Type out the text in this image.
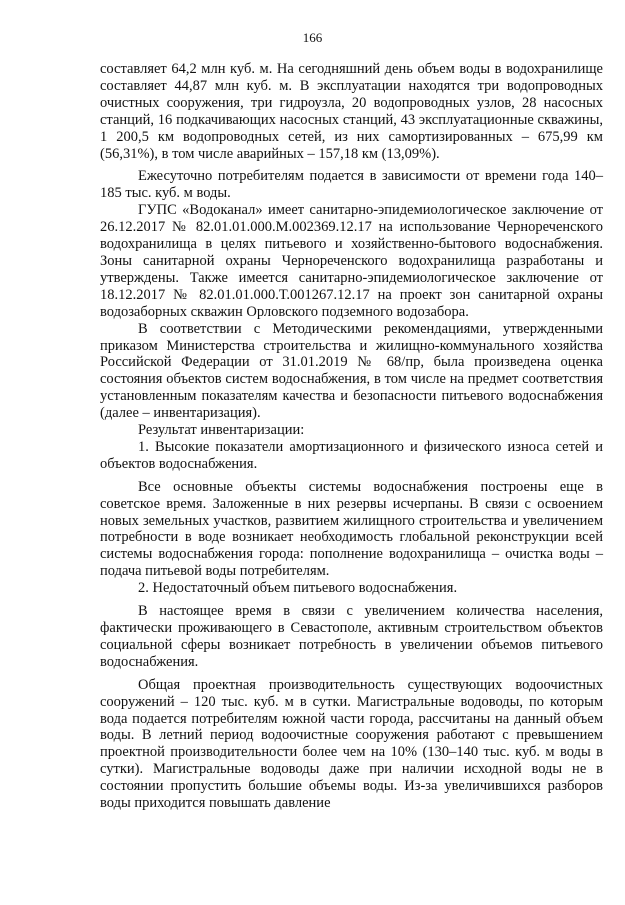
166

составляет 64,2 млн куб. м. На сегодняшний день объем воды в водохранилище составляет 44,87 млн куб. м. В эксплуатации находятся три водопроводных очистных сооружения, три гидроузла, 20 водопроводных узлов, 28 насосных станций, 16 подкачивающих насосных станций, 43 эксплуатационные скважины, 1 200,5 км водопроводных сетей, из них самортизированных – 675,99 км (56,31%), в том числе аварийных – 157,18 км (13,09%).

Ежесуточно потребителям подается в зависимости от времени года 140–185 тыс. куб. м воды.

ГУПС «Водоканал» имеет санитарно-эпидемиологическое заключение от 26.12.2017 № 82.01.01.000.М.002369.12.17 на использование Чернореченского водохранилища в целях питьевого и хозяйственно-бытового водоснабжения. Зоны санитарной охраны Чернореченского водохранилища разработаны и утверждены. Также имеется санитарно-эпидемиологическое заключение от 18.12.2017 № 82.01.01.000.Т.001267.12.17 на проект зон санитарной охраны водозаборных скважин Орловского подземного водозабора.

В соответствии с Методическими рекомендациями, утвержденными приказом Министерства строительства и жилищно-коммунального хозяйства Российской Федерации от 31.01.2019 № 68/пр, была произведена оценка состояния объектов систем водоснабжения, в том числе на предмет соответствия установленным показателям качества и безопасности питьевого водоснабжения (далее – инвентаризация).

Результат инвентаризации:

1. Высокие показатели амортизационного и физического износа сетей и объектов водоснабжения.

Все основные объекты системы водоснабжения построены еще в советское время. Заложенные в них резервы исчерпаны. В связи с освоением новых земельных участков, развитием жилищного строительства и увеличением потребности в воде возникает необходимость глобальной реконструкции всей системы водоснабжения города: пополнение водохранилища – очистка воды – подача питьевой воды потребителям.

2. Недостаточный объем питьевого водоснабжения.

В настоящее время в связи с увеличением количества населения, фактически проживающего в Севастополе, активным строительством объектов социальной сферы возникает потребность в увеличении объемов питьевого водоснабжения.

Общая проектная производительность существующих водоочистных сооружений – 120 тыс. куб. м в сутки. Магистральные водоводы, по которым вода подается потребителям южной части города, рассчитаны на данный объем воды. В летний период водоочистные сооружения работают с превышением проектной производительности более чем на 10% (130–140 тыс. куб. м воды в сутки). Магистральные водоводы даже при наличии исходной воды не в состоянии пропустить большие объемы воды. Из-за увеличившихся разборов воды приходится повышать давление
